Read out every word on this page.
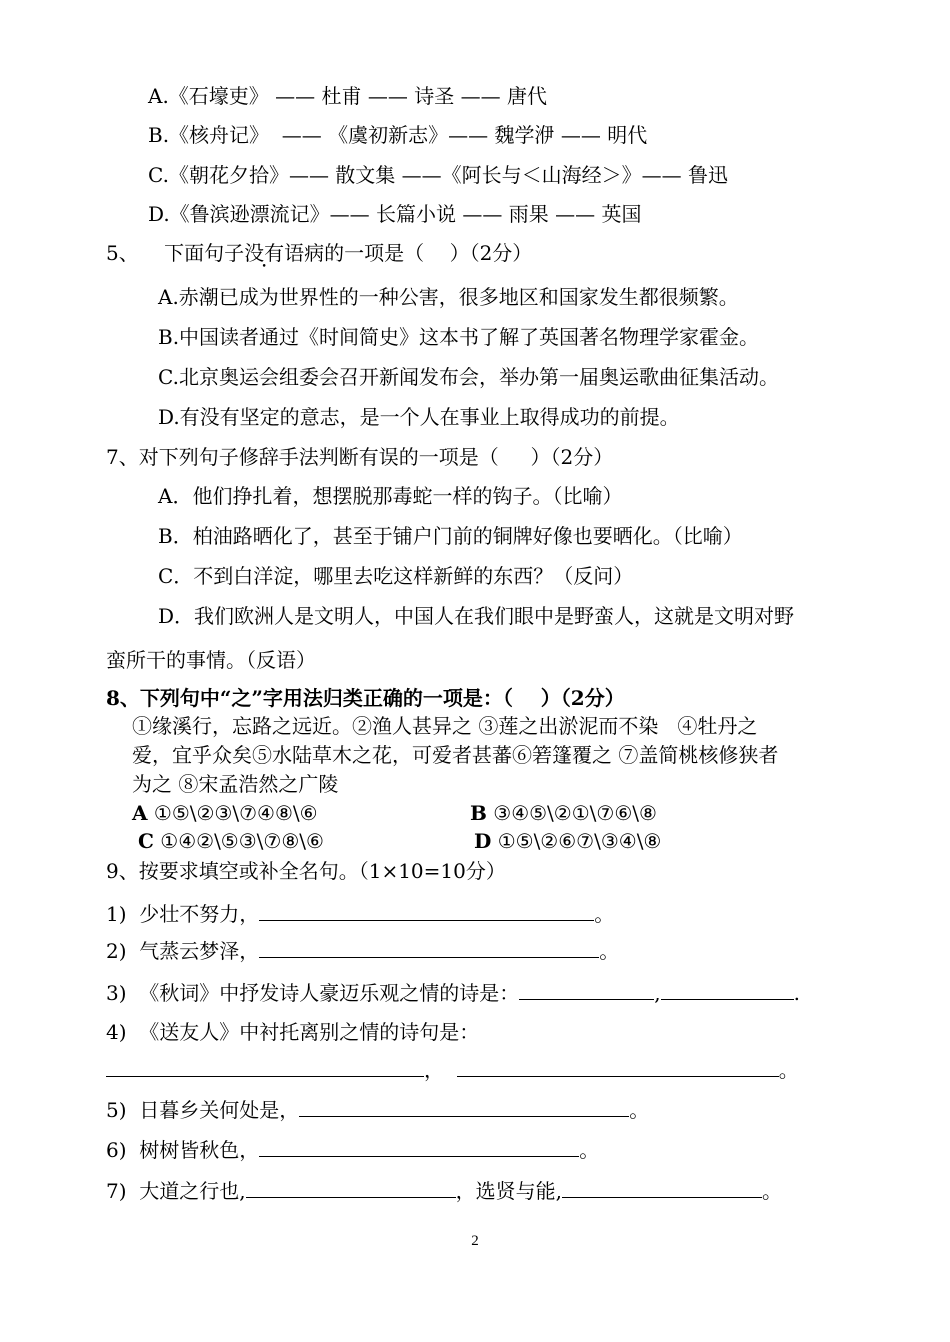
A.《石壕吏》 —— 杜甫 —— 诗圣 —— 唐代
B.《核舟记》  —— 《虞初新志》—— 魏学洢 —— 明代
C.《朝花夕拾》—— 散文集 ——《阿长与＜山海经＞》—— 鲁迅
D.《鲁滨逊漂流记》—— 长篇小说 —— 雨果 —— 英国
5、    下面句子没有语病的一项是（    ）（2分）
A.赤潮已成为世界性的一种公害，很多地区和国家发生都很频繁。
B.中国读者通过《时间简史》这本书了解了英国著名物理学家霍金。
C.北京奥运会组委会召开新闻发布会，举办第一届奥运歌曲征集活动。
D.有没有坚定的意志，是一个人在事业上取得成功的前提。
7、对下列句子修辞手法判断有误的一项是（     ）（2分）
A．他们挣扎着，想摆脱那毒蛇一样的钩子。（比喻）
B．柏油路晒化了，甚至于铺户门前的铜牌好像也要晒化。（比喻）
C．不到白洋淀，哪里去吃这样新鲜的东西？（反问）
D．我们欧洲人是文明人，中国人在我们眼中是野蛮人，这就是文明对野
蛮所干的事情。（反语）
8、下列句中“之”字用法归类正确的一项是：（    ）（2分）
①缘溪行，忘路之远近。②渔人甚异之 ③莲之出淤泥而不染   ④牡丹之
爱，宜乎众矣⑤水陆草木之花，可爱者甚蕃⑥箬篷覆之 ⑦盖简桃核修狭者
为之 ⑧宋孟浩然之广陵
A ①⑤\②③\⑦④⑧\⑥	B ③④⑤\②①\⑦⑥\⑧
C ①④②\⑤③\⑦⑧\⑥	D ①⑤\②⑥⑦\③④\⑧
9、按要求填空或补全名句。（1×10=10分）
1) 少壮不努力，	。
2) 气蒸云梦泽，	。
3) 《秋词》中抒发诗人豪迈乐观之情的诗是：	,	.
4) 《送友人》中衬托离别之情的诗句是：
，	。
5) 日暮乡关何处是，	。
6) 树树皆秋色，	。
7) 大道之行也,	，选贤与能,	。
2
